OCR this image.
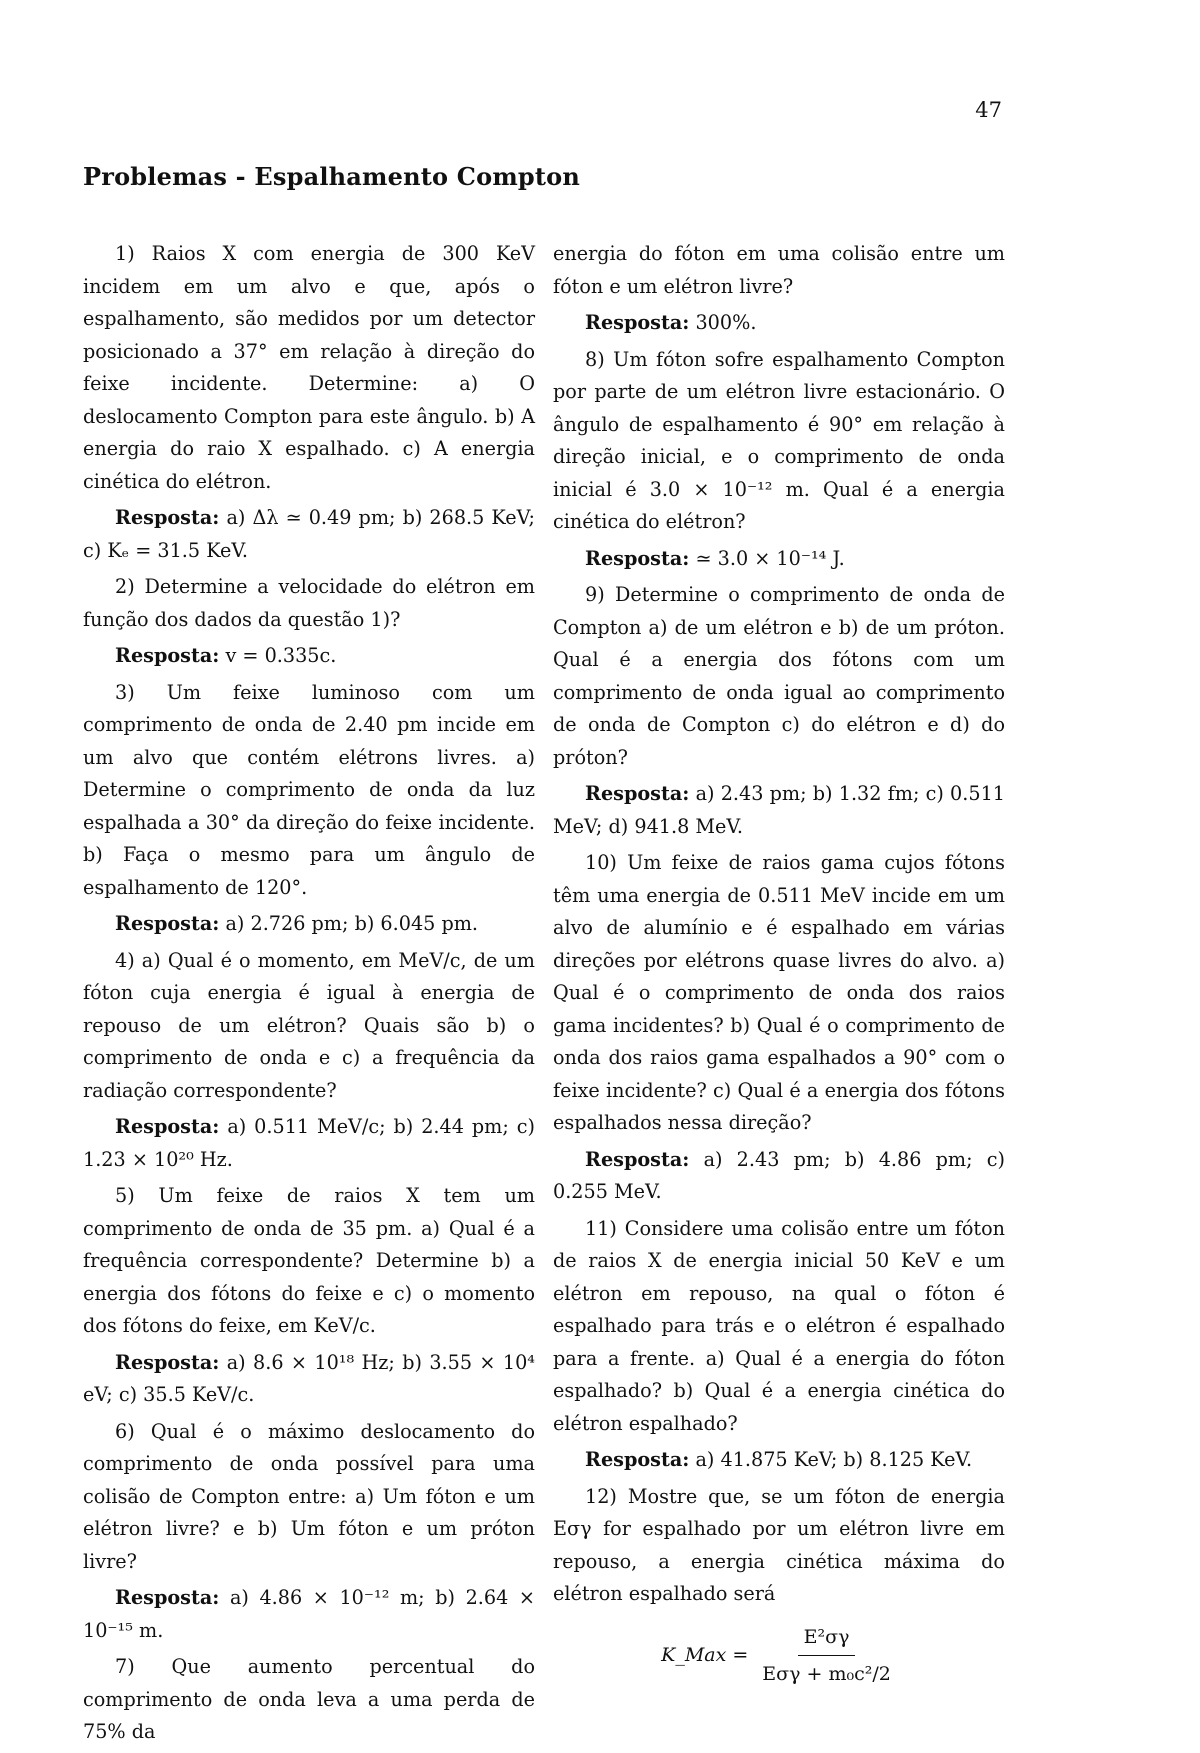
47
Problemas - Espalhamento Compton

1) Raios X com energia de 300 KeV incidem em um alvo e que, após o espalhamento, são medidos por um detector posicionado a 37° em relação à direção do feixe incidente. Determine: a) O deslocamento Compton para este ângulo. b) A energia do raio X espalhado. c) A energia cinética do elétron.

Resposta: a) Δλ ≃ 0.49 pm; b) 268.5 KeV; c) Kₑ = 31.5 KeV.

2) Determine a velocidade do elétron em função dos dados da questão 1)?

Resposta: v = 0.335c.

3) Um feixe luminoso com um comprimento de onda de 2.40 pm incide em um alvo que contém elétrons livres. a) Determine o comprimento de onda da luz espalhada a 30° da direção do feixe incidente. b) Faça o mesmo para um ângulo de espalhamento de 120°.

Resposta: a) 2.726 pm; b) 6.045 pm.

4) a) Qual é o momento, em MeV/c, de um fóton cuja energia é igual à energia de repouso de um elétron? Quais são b) o comprimento de onda e c) a frequência da radiação correspondente?

Resposta: a) 0.511 MeV/c; b) 2.44 pm; c) 1.23 × 10²⁰ Hz.

5) Um feixe de raios X tem um comprimento de onda de 35 pm. a) Qual é a frequência correspondente? Determine b) a energia dos fótons do feixe e c) o momento dos fótons do feixe, em KeV/c.

Resposta: a) 8.6 × 10¹⁸ Hz; b) 3.55 × 10⁴ eV; c) 35.5 KeV/c.

6) Qual é o máximo deslocamento do comprimento de onda possível para uma colisão de Compton entre: a) Um fóton e um elétron livre? e b) Um fóton e um próton livre?

Resposta: a) 4.86 × 10⁻¹² m; b) 2.64 × 10⁻¹⁵ m.

7) Que aumento percentual do comprimento de onda leva a uma perda de 75% da

energia do fóton em uma colisão entre um fóton e um elétron livre?

Resposta: 300%.

8) Um fóton sofre espalhamento Compton por parte de um elétron livre estacionário. O ângulo de espalhamento é 90° em relação à direção inicial, e o comprimento de onda inicial é 3.0 × 10⁻¹² m. Qual é a energia cinética do elétron?

Resposta: ≃ 3.0 × 10⁻¹⁴ J.

9) Determine o comprimento de onda de Compton a) de um elétron e b) de um próton. Qual é a energia dos fótons com um comprimento de onda igual ao comprimento de onda de Compton c) do elétron e d) do próton?

Resposta: a) 2.43 pm; b) 1.32 fm; c) 0.511 MeV; d) 941.8 MeV.

10) Um feixe de raios gama cujos fótons têm uma energia de 0.511 MeV incide em um alvo de alumínio e é espalhado em várias direções por elétrons quase livres do alvo. a) Qual é o comprimento de onda dos raios gama incidentes? b) Qual é o comprimento de onda dos raios gama espalhados a 90° com o feixe incidente? c) Qual é a energia dos fótons espalhados nessa direção?

Resposta: a) 2.43 pm; b) 4.86 pm; c) 0.255 MeV.

11) Considere uma colisão entre um fóton de raios X de energia inicial 50 KeV e um elétron em repouso, na qual o fóton é espalhado para trás e o elétron é espalhado para a frente. a) Qual é a energia do fóton espalhado? b) Qual é a energia cinética do elétron espalhado?

Resposta: a) 41.875 KeV; b) 8.125 KeV.

12) Mostre que, se um fóton de energia Eσγ for espalhado por um elétron livre em repouso, a energia cinética máxima do elétron espalhado será

K_Max = $\frac{\text{E²σγ}}{\text{Eσγ + m₀c²/2}}$
